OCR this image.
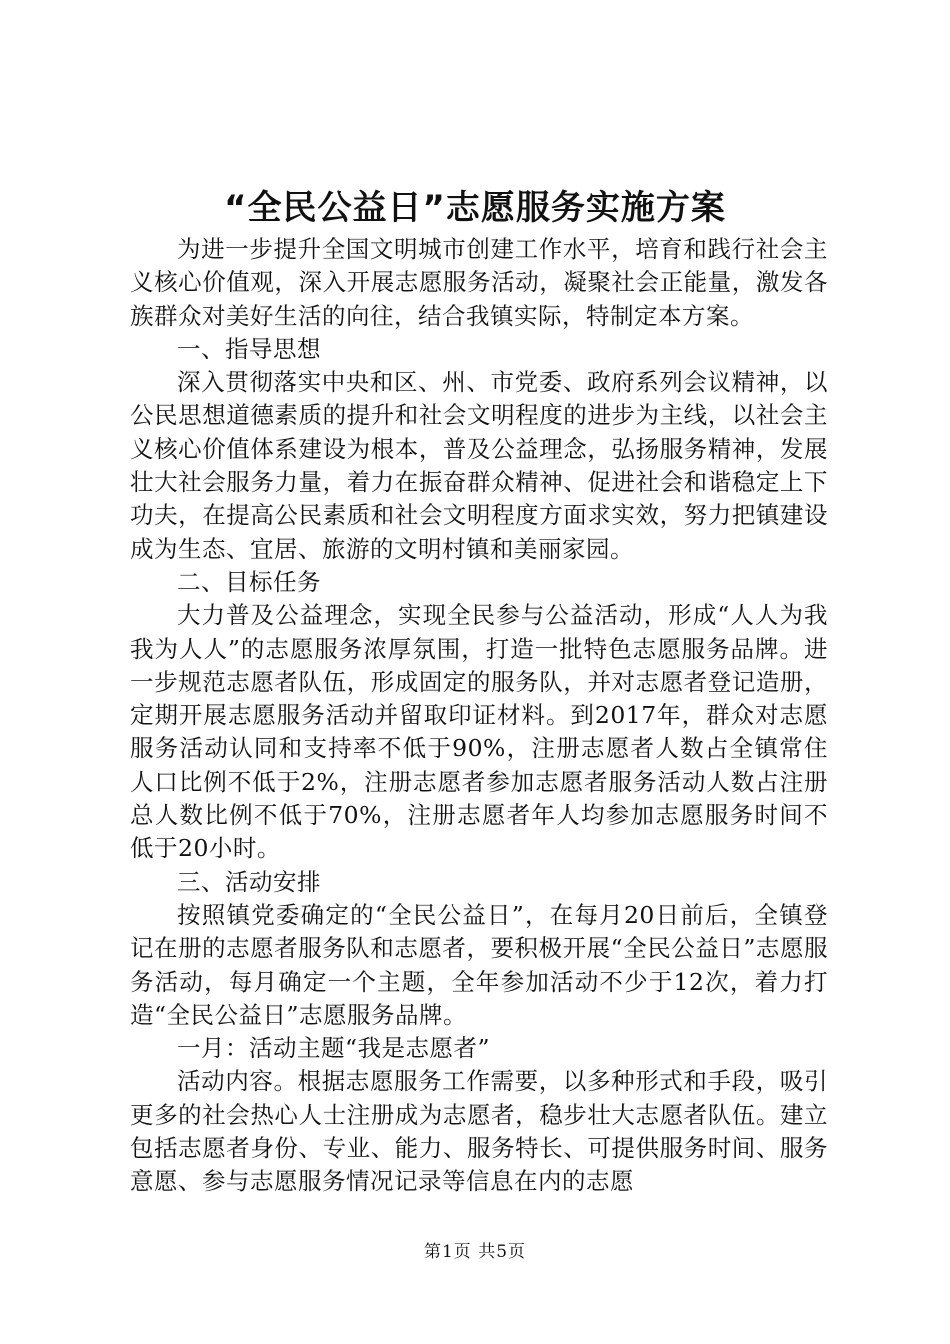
“全民公益日”志愿服务实施方案

为进一步提升全国文明城市创建工作水平，培育和践行社会主义核心价值观，深入开展志愿服务活动，凝聚社会正能量，激发各族群众对美好生活的向往，结合我镇实际，特制定本方案。

一、指导思想

深入贯彻落实中央和区、州、市党委、政府系列会议精神，以公民思想道德素质的提升和社会文明程度的进步为主线，以社会主义核心价值体系建设为根本，普及公益理念，弘扬服务精神，发展壮大社会服务力量，着力在振奋群众精神、促进社会和谐稳定上下功夫，在提高公民素质和社会文明程度方面求实效，努力把镇建设成为生态、宜居、旅游的文明村镇和美丽家园。

二、目标任务

大力普及公益理念，实现全民参与公益活动，形成“人人为我我为人人”的志愿服务浓厚氛围，打造一批特色志愿服务品牌。进一步规范志愿者队伍，形成固定的服务队，并对志愿者登记造册，定期开展志愿服务活动并留取印证材料。到2017年，群众对志愿服务活动认同和支持率不低于90%，注册志愿者人数占全镇常住人口比例不低于2%，注册志愿者参加志愿者服务活动人数占注册总人数比例不低于70%，注册志愿者年人均参加志愿服务时间不低于20小时。

三、活动安排

按照镇党委确定的“全民公益日”，在每月20日前后，全镇登记在册的志愿者服务队和志愿者，要积极开展“全民公益日”志愿服务活动，每月确定一个主题，全年参加活动不少于12次，着力打造“全民公益日”志愿服务品牌。

一月：活动主题“我是志愿者”

活动内容。根据志愿服务工作需要，以多种形式和手段，吸引更多的社会热心人士注册成为志愿者，稳步壮大志愿者队伍。建立包括志愿者身份、专业、能力、服务特长、可提供服务时间、服务意愿、参与志愿服务情况记录等信息在内的志愿

第1页 共5页
